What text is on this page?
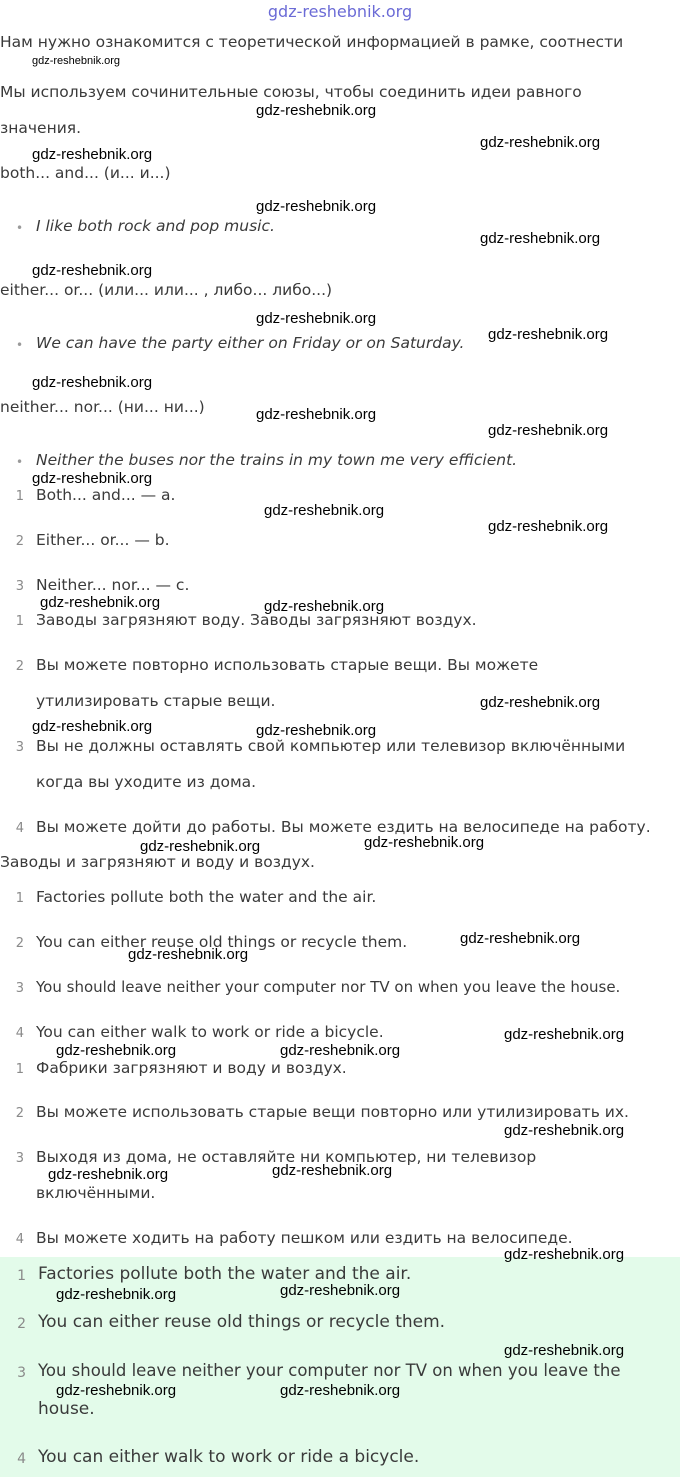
gdz-reshebnik.org
Нам нужно ознакомится с теоретической информацией в рамке, соотнести
Мы используем сочинительные союзы, чтобы соединить идеи равного
значения.
both... and... (и... и...)
• I like both rock and pop music.
either... or... (или... или... , либо... либо...)
• We can have the party either on Friday or on Saturday.
neither... nor... (ни... ни...)
• Neither the buses nor the trains in my town me very efficient.
1 Both... and... — a.
2 Either... or... — b.
3 Neither... nor... — c.
1 Заводы загрязняют воду. Заводы загрязняют воздух.
2 Вы можете повторно использовать старые вещи. Вы можете
утилизировать старые вещи.
3 Вы не должны оставлять свой компьютер или телевизор включёнными
когда вы уходите из дома.
4 Вы можете дойти до работы. Вы можете ездить на велосипеде на работу.
Заводы и загрязняют и воду и воздух.
1 Factories pollute both the water and the air.
2 You can either reuse old things or recycle them.
3 You should leave neither your computer nor TV on when you leave the house.
4 You can either walk to work or ride a bicycle.
1 Фабрики загрязняют и воду и воздух.
2 Вы можете использовать старые вещи повторно или утилизировать их.
3 Выходя из дома, не оставляйте ни компьютер, ни телевизор
включёнными.
4 Вы можете ходить на работу пешком или ездить на велосипеде.
1 Factories pollute both the water and the air.
2 You can either reuse old things or recycle them.
3 You should leave neither your computer nor TV on when you leave the
house.
4 You can either walk to work or ride a bicycle.
gdz-reshebnik.org
gdz-reshebnik.org
gdz-reshebnik.org
gdz-reshebnik.org
gdz-reshebnik.org
gdz-reshebnik.org
gdz-reshebnik.org
gdz-reshebnik.org
gdz-reshebnik.org
gdz-reshebnik.org
gdz-reshebnik.org
gdz-reshebnik.org
gdz-reshebnik.org
gdz-reshebnik.org
gdz-reshebnik.org
gdz-reshebnik.org	gdz-reshebnik.org
gdz-reshebnik.org
gdz-reshebnik.org	gdz-reshebnik.org
gdz-reshebnik.org	gdz-reshebnik.org
gdz-reshebnik.org
gdz-reshebnik.org
gdz-reshebnik.org
gdz-reshebnik.org	gdz-reshebnik.org
gdz-reshebnik.org
gdz-reshebnik.org
gdz-reshebnik.org
gdz-reshebnik.org
gdz-reshebnik.org
gdz-reshebnik.org
gdz-reshebnik.org
gdz-reshebnik.org	gdz-reshebnik.org
